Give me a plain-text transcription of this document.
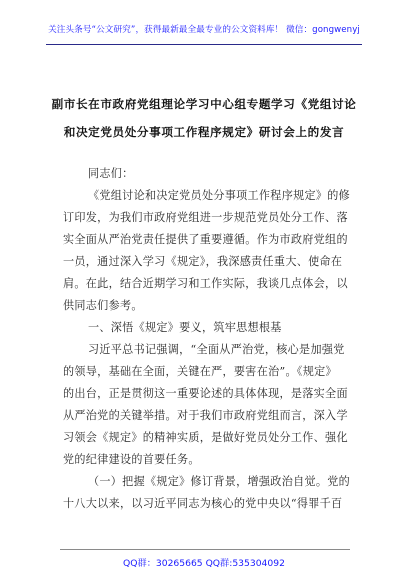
关注头条号“公文研究”，获得最新最全最专业的公文资料库！ 微信：gongwenyj
副市长在市政府党组理论学习中心组专题学习《党组讨论
和决定党员处分事项工作程序规定》研讨会上的发言
同志们：
《党组讨论和决定党员处分事项工作程序规定》的修
订印发，为我们市政府党组进一步规范党员处分工作、落
实全面从严治党责任提供了重要遵循。作为市政府党组的
一员，通过深入学习《规定》，我深感责任重大、使命在
肩。在此，结合近期学习和工作实际，我谈几点体会，以
供同志们参考。
一、深悟《规定》要义，筑牢思想根基
习近平总书记强调，“全面从严治党，核心是加强党
的领导，基础在全面，关键在严，要害在治”。《规定》
的出台，正是贯彻这一重要论述的具体体现，是落实全面
从严治党的关键举措。对于我们市政府党组而言，深入学
习领会《规定》的精神实质，是做好党员处分工作、强化
党的纪律建设的首要任务。
（一）把握《规定》修订背景，增强政治自觉。党的
十八大以来，以习近平同志为核心的党中央以“得罪千百
QQ群：30265665 QQ群:535304092
